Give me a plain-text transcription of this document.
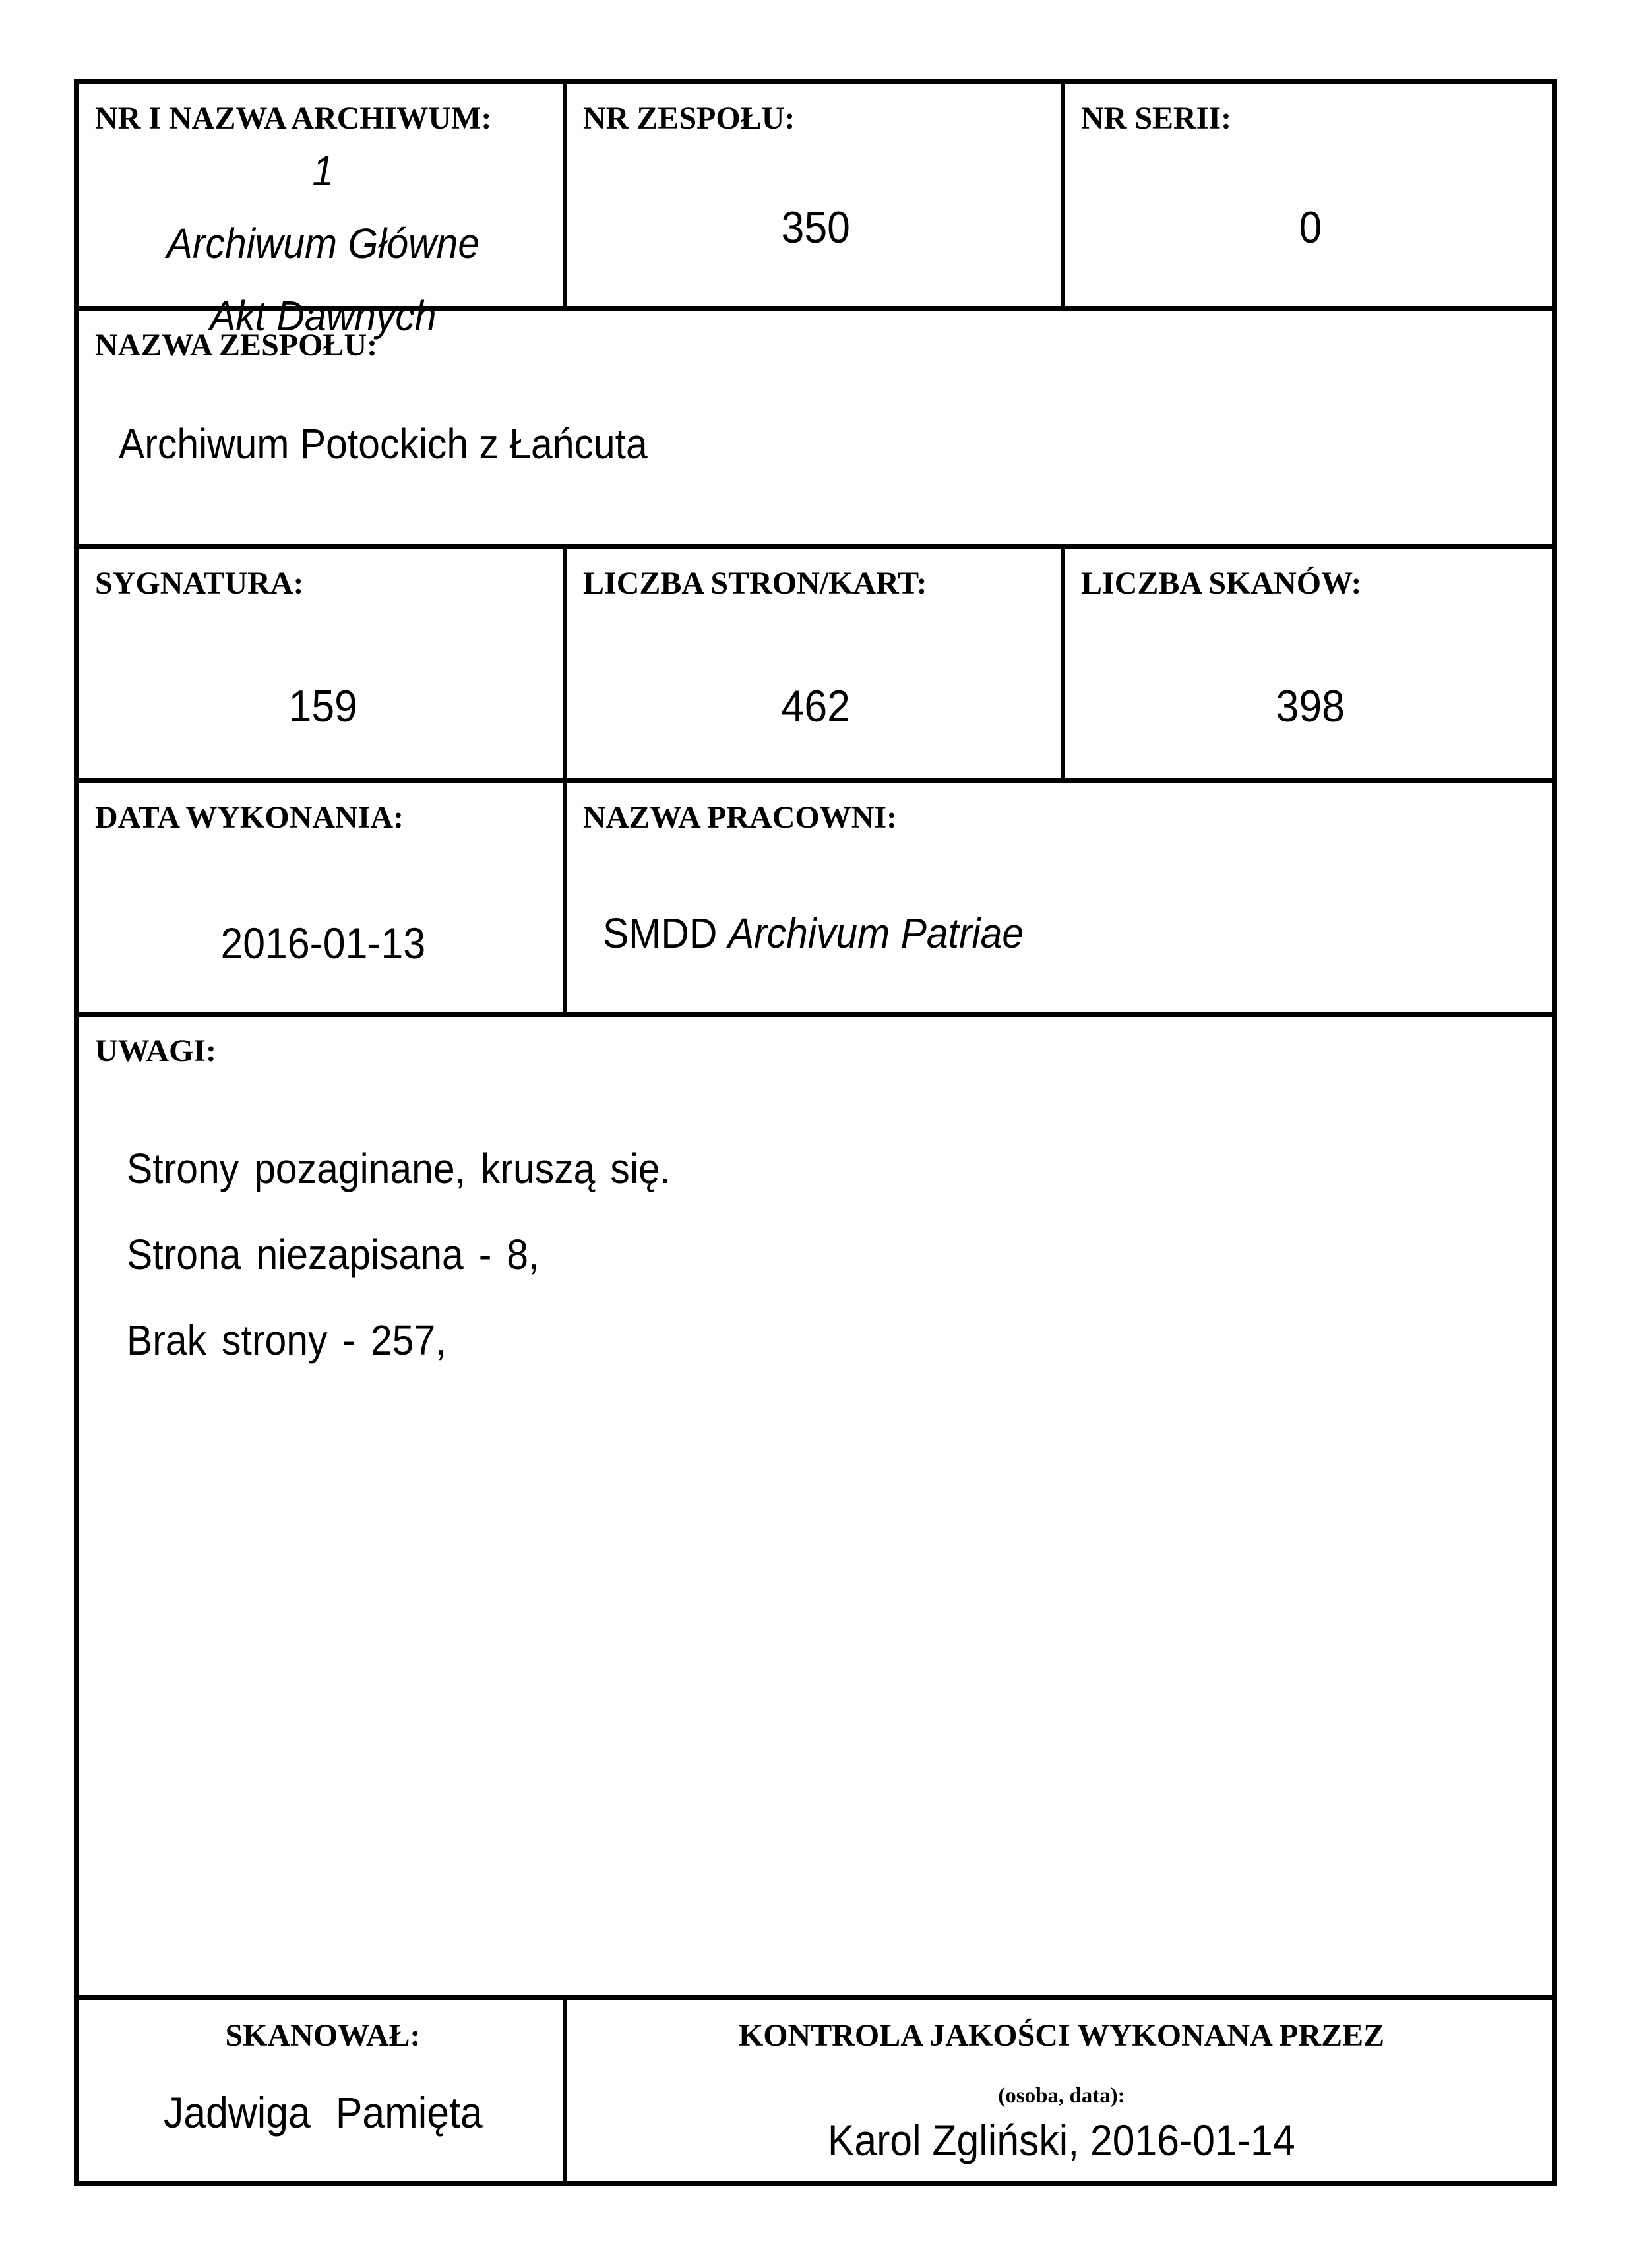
NR I NAZWA ARCHIWUM:
1
Archiwum Główne
Akt Dawnych
NR ZESPOŁU:
350
NR SERII:
0
NAZWA ZESPOŁU:
Archiwum Potockich z Łańcuta
SYGNATURA:
159
LICZBA STRON/KART:
462
LICZBA SKANÓW:
398
DATA WYKONANIA:
2016-01-13
NAZWA PRACOWNI:
SMDD Archivum Patriae
UWAGI:
Strony pozaginane, kruszą się.
Strona niezapisana - 8,
Brak strony - 257,
SKANOWAŁ:
Jadwiga Pamięta
KONTROLA JAKOŚCI WYKONANA PRZEZ
(osoba, data):
Karol Zgliński, 2016-01-14
